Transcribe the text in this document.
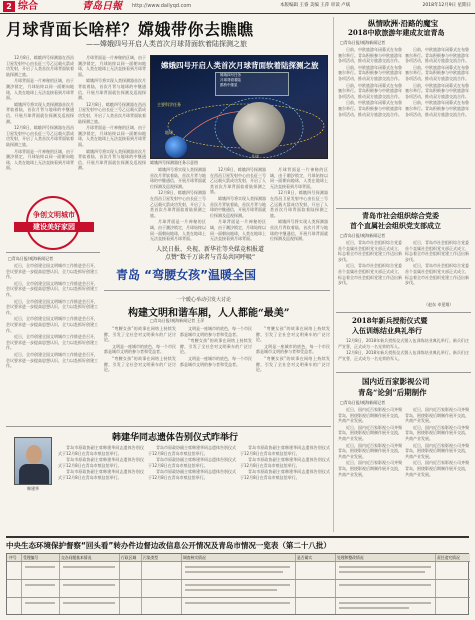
2 综合	青岛日報 http://www.dailyqd.com	本版编辑 王睿 美编 王萍 审读 卢斌	2018年12月9日 星期日
月球背面长啥样？嫦娥带你去瞧瞧
——嫦娥四号开启人类首次月球背面软着陆探测之旅

12月8日，嫦娥四号探测器在西昌卫星发射中心由长征三号乙运载火箭成功发射，开启了人类首次月球背面软着陆探测之旅。

月球背面是一片神秘的区域，由于潮汐锁定，月球始终以同一面朝向地球，人类在地球上无法直接看到月球背面。

嫦娥四号将实现人类探测器首次月背软着陆，首次月背与地球的中继通信，开展月球背面就位探测及巡视探测。

12月8日，嫦娥四号探测器在西昌卫星发射中心由长征三号乙运载火箭成功发射，开启了人类首次月球背面软着陆探测之旅。

月球背面是一片神秘的区域，由于潮汐锁定，月球始终以同一面朝向地球，人类在地球上无法直接看到月球背面。

月球背面是一片神秘的区域，由于潮汐锁定，月球始终以同一面朝向地球，人类在地球上无法直接看到月球背面。

嫦娥四号将实现人类探测器首次月背软着陆，首次月背与地球的中继通信，开展月球背面就位探测及巡视探测。

12月8日，嫦娥四号探测器在西昌卫星发射中心由长征三号乙运载火箭成功发射，开启了人类首次月球背面软着陆探测之旅。

月球背面是一片神秘的区域，由于潮汐锁定，月球始终以同一面朝向地球，人类在地球上无法直接看到月球背面。

嫦娥四号将实现人类探测器首次月背软着陆，首次月背与地球的中继通信，开展月球背面就位探测及巡视探测。

嫦娥四号开启人类首次月球背面软着陆探测之旅
嫦娥四号任务
月球背面着陆
鹊桥中继星
地球
月球
主要科学任务
嫦娥四号探测器任务示意图

嫦娥四号将实现人类探测器首次月背软着陆，首次月背与地球的中继通信，开展月球背面就位探测及巡视探测。

12月8日，嫦娥四号探测器在西昌卫星发射中心由长征三号乙运载火箭成功发射，开启了人类首次月球背面软着陆探测之旅。

月球背面是一片神秘的区域，由于潮汐锁定，月球始终以同一面朝向地球，人类在地球上无法直接看到月球背面。

12月8日，嫦娥四号探测器在西昌卫星发射中心由长征三号乙运载火箭成功发射，开启了人类首次月球背面软着陆探测之旅。

嫦娥四号将实现人类探测器首次月背软着陆，首次月背与地球的中继通信，开展月球背面就位探测及巡视探测。

月球背面是一片神秘的区域，由于潮汐锁定，月球始终以同一面朝向地球，人类在地球上无法直接看到月球背面。

月球背面是一片神秘的区域，由于潮汐锁定，月球始终以同一面朝向地球，人类在地球上无法直接看到月球背面。

12月8日，嫦娥四号探测器在西昌卫星发射中心由长征三号乙运载火箭成功发射，开启了人类首次月球背面软着陆探测之旅。

嫦娥四号将实现人类探测器首次月背软着陆，首次月背与地球的中继通信，开展月球背面就位探测及巡视探测。

纵情欧洲·沿路的魔宝
2018中欧旅游年建成友谊青岛
□青岛日报/观海新闻记者

日前，中欧旅游年闭幕式在布鲁塞尔举行。青岛积极参与中欧旅游年各项活动，推动双方旅游交流合作。

日前，中欧旅游年闭幕式在布鲁塞尔举行。青岛积极参与中欧旅游年各项活动，推动双方旅游交流合作。

日前，中欧旅游年闭幕式在布鲁塞尔举行。青岛积极参与中欧旅游年各项活动，推动双方旅游交流合作。

日前，中欧旅游年闭幕式在布鲁塞尔举行。青岛积极参与中欧旅游年各项活动，推动双方旅游交流合作。

日前，中欧旅游年闭幕式在布鲁塞尔举行。青岛积极参与中欧旅游年各项活动，推动双方旅游交流合作。

日前，中欧旅游年闭幕式在布鲁塞尔举行。青岛积极参与中欧旅游年各项活动，推动双方旅游交流合作。

日前，中欧旅游年闭幕式在布鲁塞尔举行。青岛积极参与中欧旅游年各项活动，推动双方旅游交流合作。

日前，中欧旅游年闭幕式在布鲁塞尔举行。青岛积极参与中欧旅游年各项活动，推动双方旅游交流合作。

青岛市社会组织综合党委
首个直属社会组织党支部成立
□青岛日报/观海新闻记者

近日，青岛市社会组织综合党委首个直属社会组织党支部正式成立，标志着全市社会组织党建工作迈出新步伐。

近日，青岛市社会组织综合党委首个直属社会组织党支部正式成立，标志着全市社会组织党建工作迈出新步伐。

近日，青岛市社会组织综合党委首个直属社会组织党支部正式成立，标志着全市社会组织党建工作迈出新步伐。

近日，青岛市社会组织综合党委首个直属社会组织党支部正式成立，标志着全市社会组织党建工作迈出新步伐。

（赵东 卓见翔）
2018年新兵授衔仪式暨
入伍训练结业典礼举行

12月8日，2018年新兵授衔仪式暨入伍训练结业典礼举行。新兵们庄严宣誓，正式成为一名光荣的军人。

12月8日，2018年新兵授衔仪式暨入伍训练结业典礼举行。新兵们庄严宣誓，正式成为一名光荣的军人。

国内近百家影视公司
青岛“论剑”后期制作
□青岛日报/观海新闻记者

近日，国内近百家影视公司齐聚青岛，围绕影视后期制作展开交流，共商产业发展。

近日，国内近百家影视公司齐聚青岛，围绕影视后期制作展开交流，共商产业发展。

近日，国内近百家影视公司齐聚青岛，围绕影视后期制作展开交流，共商产业发展。

近日，国内近百家影视公司齐聚青岛，围绕影视后期制作展开交流，共商产业发展。

近日，国内近百家影视公司齐聚青岛，围绕影视后期制作展开交流，共商产业发展。

近日，国内近百家影视公司齐聚青岛，围绕影视后期制作展开交流，共商产业发展。

近日，国内近百家影视公司齐聚青岛，围绕影视后期制作展开交流，共商产业发展。

近日，国内近百家影视公司齐聚青岛，围绕影视后期制作展开交流，共商产业发展。

争创文明城市
建设美好家园
□青岛日报/观海新闻记者

近日，全市创建全国文明城市工作推进会召开，会议要求进一步提高思想认识，全力以赴抓好创建工作。

近日，全市创建全国文明城市工作推进会召开，会议要求进一步提高思想认识，全力以赴抓好创建工作。

近日，全市创建全国文明城市工作推进会召开，会议要求进一步提高思想认识，全力以赴抓好创建工作。

近日，全市创建全国文明城市工作推进会召开，会议要求进一步提高思想认识，全力以赴抓好创建工作。

近日，全市创建全国文明城市工作推进会召开，会议要求进一步提高思想认识，全力以赴抓好创建工作。

近日，全市创建全国文明城市工作推进会召开，会议要求进一步提高思想认识，全力以赴抓好创建工作。

人民日报、央视、新华社等央媒竞相报道
点赞“数千万读者与青岛共同呼吸”
青岛 “弯腰女孩”温暖全国
一个暖心举动引发大讨论
构建文明和谐车厢，人人都能“最美”
□青岛日报/观海新闻记者 王萍

“弯腰女孩”的故事在网络上持续发酵，引发了全社会对文明乘车的广泛讨论。

文明是一座城市的底色，每一个市民都是城市文明的参与者和受益者。

“弯腰女孩”的故事在网络上持续发酵，引发了全社会对文明乘车的广泛讨论。

文明是一座城市的底色，每一个市民都是城市文明的参与者和受益者。

“弯腰女孩”的故事在网络上持续发酵，引发了全社会对文明乘车的广泛讨论。

文明是一座城市的底色，每一个市民都是城市文明的参与者和受益者。

“弯腰女孩”的故事在网络上持续发酵，引发了全社会对文明乘车的广泛讨论。

文明是一座城市的底色，每一个市民都是城市文明的参与者和受益者。

“弯腰女孩”的故事在网络上持续发酵，引发了全社会对文明乘车的广泛讨论。

韩建华同志遗体告别仪式昨举行
韩建华

青岛市原政协副主席韩建华同志遗体告别仪式于12月8日在青岛市殡仪馆举行。

青岛市原政协副主席韩建华同志遗体告别仪式于12月8日在青岛市殡仪馆举行。

青岛市原政协副主席韩建华同志遗体告别仪式于12月8日在青岛市殡仪馆举行。

青岛市原政协副主席韩建华同志遗体告别仪式于12月8日在青岛市殡仪馆举行。

青岛市原政协副主席韩建华同志遗体告别仪式于12月8日在青岛市殡仪馆举行。

青岛市原政协副主席韩建华同志遗体告别仪式于12月8日在青岛市殡仪馆举行。

青岛市原政协副主席韩建华同志遗体告别仪式于12月8日在青岛市殡仪馆举行。

青岛市原政协副主席韩建华同志遗体告别仪式于12月8日在青岛市殡仪馆举行。

青岛市原政协副主席韩建华同志遗体告别仪式于12月8日在青岛市殡仪馆举行。

中央生态环境保护督察“回头看”转办件边督边改信息公开情况及青岛市情况一览表（第二十八批）
序号 受理编号	交办问题基本情况	行政区域 污染类型	调查核实情况	是否属实	处理和整改情况	责任追究情况
